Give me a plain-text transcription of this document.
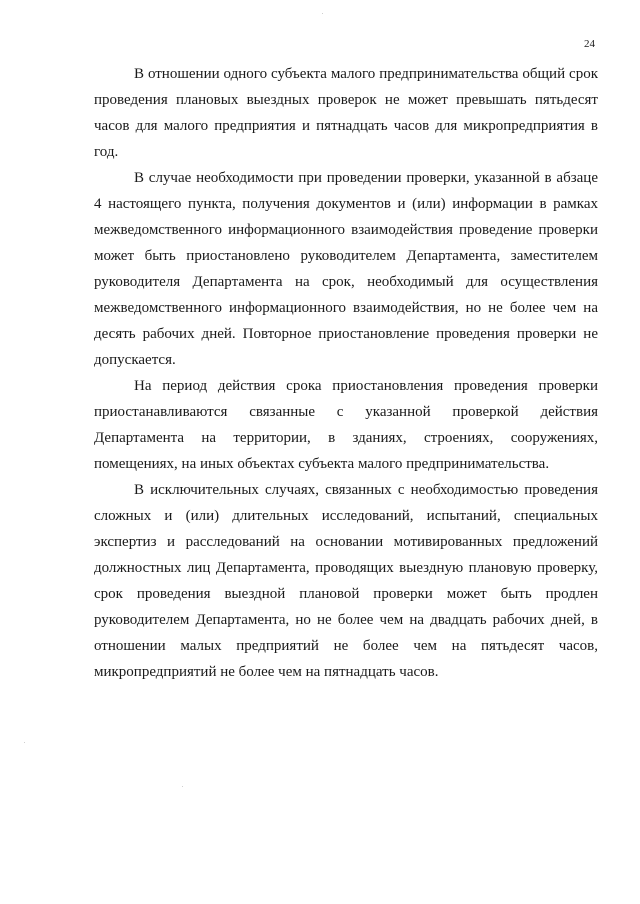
24

В отношении одного субъекта малого предпринимательства общий срок проведения плановых выездных проверок не может превышать пятьдесят часов для малого предприятия и пятнадцать часов для микропредприятия в год.

В случае необходимости при проведении проверки, указанной в абзаце 4 настоящего пункта, получения документов и (или) информации в рамках межведомственного информационного взаимодействия проведение проверки может быть приостановлено руководителем Департамента, заместителем руководителя Департамента на срок, необходимый для осуществления межведомственного информационного взаимодействия, но не более чем на десять рабочих дней. Повторное приостановление проведения проверки не допускается.

На период действия срока приостановления проведения проверки приостанавливаются связанные с указанной проверкой действия Департамента на территории, в зданиях, строениях, сооружениях, помещениях, на иных объектах субъекта малого предпринимательства.

В исключительных случаях, связанных с необходимостью проведения сложных и (или) длительных исследований, испытаний, специальных экспертиз и расследований на основании мотивированных предложений должностных лиц Департамента, проводящих выездную плановую проверку, срок проведения выездной плановой проверки может быть продлен руководителем Департамента, но не более чем на двадцать рабочих дней, в отношении малых предприятий не более чем на пятьдесят часов, микропредприятий не более чем на пятнадцать часов.
